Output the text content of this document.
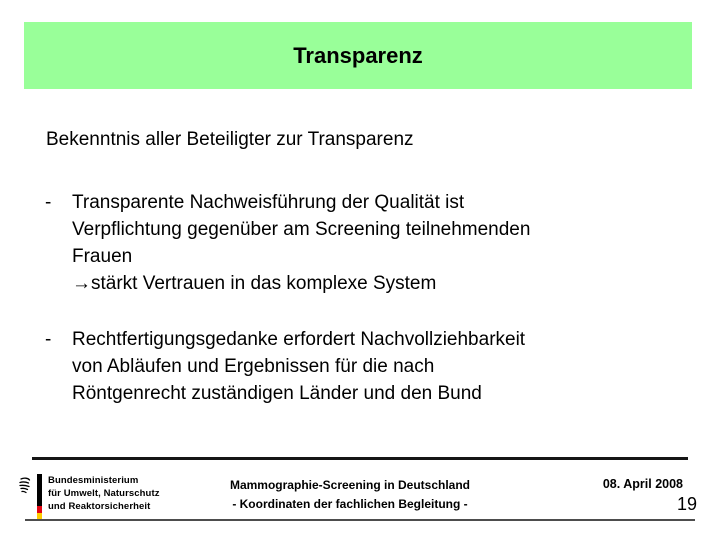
Transparenz
Bekenntnis aller Beteiligter zur Transparenz
-	Transparente Nachweisführung der Qualität ist
Verpflichtung gegenüber am Screening teilnehmenden
Frauen
→stärkt Vertrauen in das komplexe System
-	Rechtfertigungsgedanke erfordert Nachvollziehbarkeit
von Abläufen und Ergebnissen für die nach
Röntgenrecht zuständigen Länder und den Bund
Bundesministerium
für Umwelt, Naturschutz
und Reaktorsicherheit
Mammographie-Screening in Deutschland
- Koordinaten der fachlichen Begleitung -
08. April 2008
19
